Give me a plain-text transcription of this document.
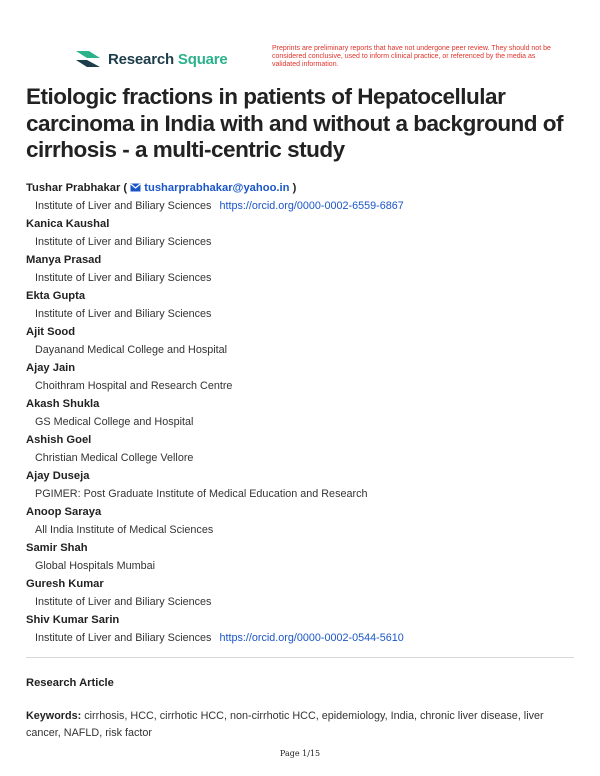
Research Square
Preprints are preliminary reports that have not undergone peer review. They should not be considered conclusive, used to inform clinical practice, or referenced by the media as validated information.
Etiologic fractions in patients of Hepatocellular carcinoma in India with and without a background of cirrhosis - a multi-centric study
Tushar Prabhakar ( tusharprabhakar@yahoo.in )
Institute of Liver and Biliary Sciences https://orcid.org/0000-0002-6559-6867
Kanica Kaushal
Institute of Liver and Biliary Sciences
Manya Prasad
Institute of Liver and Biliary Sciences
Ekta Gupta
Institute of Liver and Biliary Sciences
Ajit Sood
Dayanand Medical College and Hospital
Ajay Jain
Choithram Hospital and Research Centre
Akash Shukla
GS Medical College and Hospital
Ashish Goel
Christian Medical College Vellore
Ajay Duseja
PGIMER: Post Graduate Institute of Medical Education and Research
Anoop Saraya
All India Institute of Medical Sciences
Samir Shah
Global Hospitals Mumbai
Guresh Kumar
Institute of Liver and Biliary Sciences
Shiv Kumar Sarin
Institute of Liver and Biliary Sciences https://orcid.org/0000-0002-0544-5610
Research Article
Keywords: cirrhosis, HCC, cirrhotic HCC, non-cirrhotic HCC, epidemiology, India, chronic liver disease, liver cancer, NAFLD, risk factor
Page 1/15
